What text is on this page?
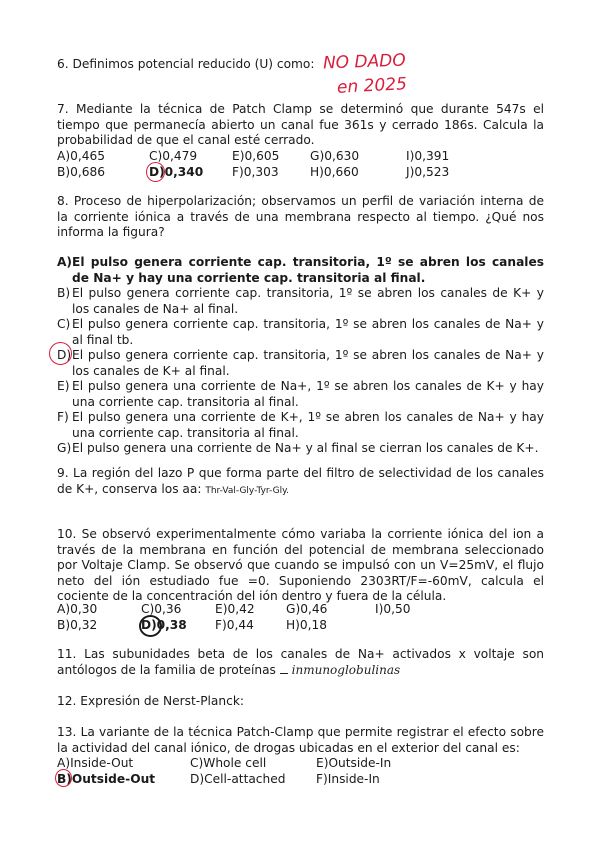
6. Definimos potencial reducido (U) como: NO DADO
en 2025
7. Mediante la técnica de Patch Clamp se determinó que durante 547s el tiempo que permanecía abierto un canal fue 361s y cerrado 186s. Calcula la probabilidad de que el canal esté cerrado.
A)0,465	C)0,479	E)0,605	G)0,630	I)0,391
B)0,686	D)0,340	F)0,303	H)0,660	J)0,523
8. Proceso de hiperpolarización; observamos un perfil de variación interna de la corriente iónica a través de una membrana respecto al tiempo. ¿Qué nos informa la figura?
A) El pulso genera corriente cap. transitoria, 1º se abren los canales de Na+ y hay una corriente cap. transitoria al final.
B) El pulso genera corriente cap. transitoria, 1º se abren los canales de K+ y los canales de Na+ al final.
C) El pulso genera corriente cap. transitoria, 1º se abren los canales de Na+ y al final tb.
D) El pulso genera corriente cap. transitoria, 1º se abren los canales de Na+ y los canales de K+ al final.
E) El pulso genera una corriente de Na+, 1º se abren los canales de K+ y hay una corriente cap. transitoria al final.
F) El pulso genera una corriente de K+, 1º se abren los canales de Na+ y hay una corriente cap. transitoria al final.
G) El pulso genera una corriente de Na+ y al final se cierran los canales de K+.
9. La región del lazo P que forma parte del filtro de selectividad de los canales de K+, conserva los aa: Thr-Val-Gly-Tyr-Gly.
10. Se observó experimentalmente cómo variaba la corriente iónica del ion a través de la membrana en función del potencial de membrana seleccionado por Voltaje Clamp. Se observó que cuando se impulsó con un V=25mV, el flujo neto del ión estudiado fue =0. Suponiendo 2303RT/F=-60mV, calcula el cociente de la concentración del ión dentro y fuera de la célula.
A)0,30	C)0,36	E)0,42	G)0,46	I)0,50
B)0,32	D)0,38	F)0,44	H)0,18
11. Las subunidades beta de los canales de Na+ activados x voltaje son antólogos de la familia de proteínas inmunoglobulinas
12. Expresión de Nerst-Planck:
13. La variante de la técnica Patch-Clamp que permite registrar el efecto sobre la actividad del canal iónico, de drogas ubicadas en el exterior del canal es:
A)Inside-Out	C)Whole cell	E)Outside-In
B)Outside-Out	D)Cell-attached	F)Inside-In
